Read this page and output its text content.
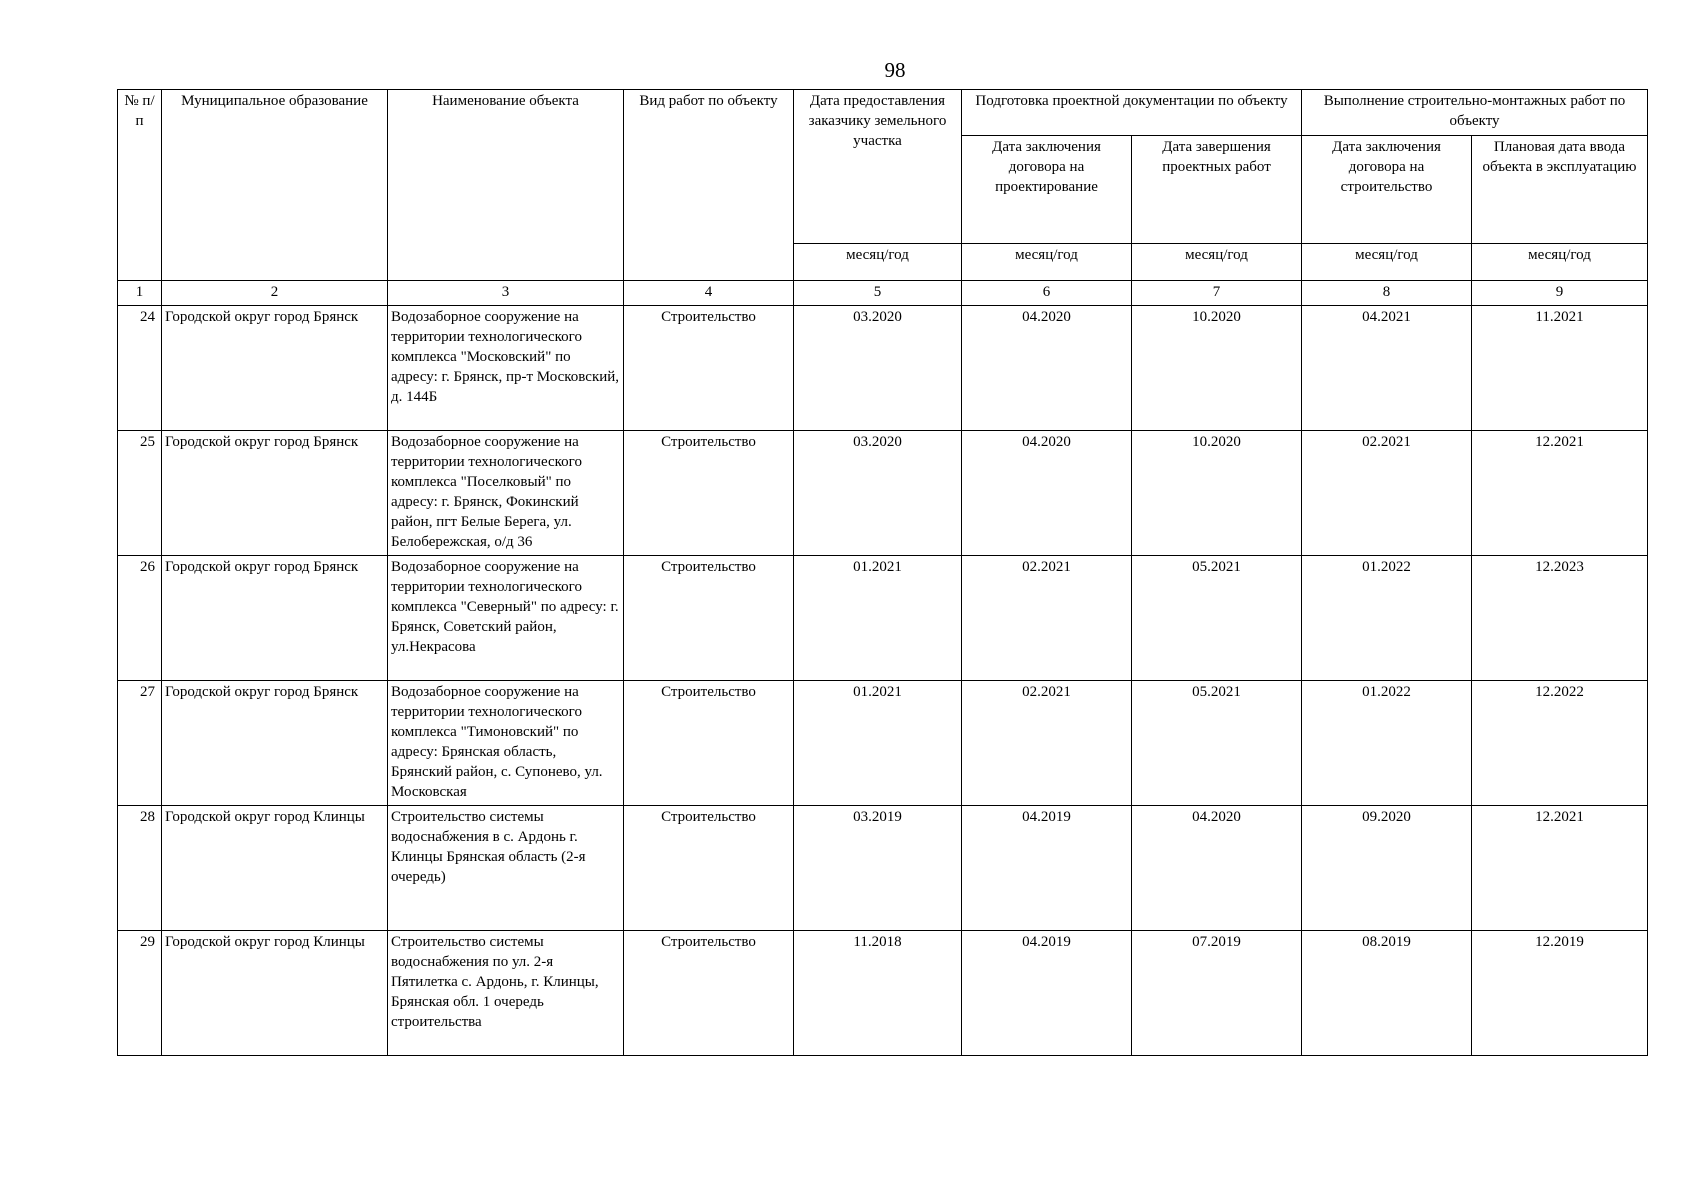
98
№ п/п	Муниципальное образование	Наименование объекта	Вид работ по объекту	Дата предоставления заказчику земельного участка	Подготовка проектной документации по объекту		Выполнение строительно-монтажных работ по объекту	
					Дата заключения договора на проектирование	Дата завершения проектных работ	Дата заключения договора на строительство	Плановая дата ввода объекта в эксплуатацию
				месяц/год	месяц/год	месяц/год	месяц/год	месяц/год
1	2	3	4	5	6	7	8	9
24	Городской округ город Брянск	Водозаборное сооружение на территории технологического комплекса "Московский" по адресу: г. Брянск, пр-т Московский, д. 144Б	Строительство	03.2020	04.2020	10.2020	04.2021	11.2021
25	Городской округ город Брянск	Водозаборное сооружение на территории технологического комплекса "Поселковый" по адресу: г. Брянск, Фокинский район, пгт Белые Берега, ул. Белобережская, о/д 36	Строительство	03.2020	04.2020	10.2020	02.2021	12.2021
26	Городской округ город Брянск	Водозаборное сооружение на территории технологического комплекса "Северный" по адресу: г. Брянск, Советский район, ул.Некрасова	Строительство	01.2021	02.2021	05.2021	01.2022	12.2023
27	Городской округ город Брянск	Водозаборное сооружение на территории технологического комплекса "Тимоновский" по адресу: Брянская область, Брянский район, с. Супонево, ул. Московская	Строительство	01.2021	02.2021	05.2021	01.2022	12.2022
28	Городской округ город Клинцы	Строительство системы водоснабжения в с. Ардонь г. Клинцы Брянская область (2-я очередь)	Строительство	03.2019	04.2019	04.2020	09.2020	12.2021
29	Городской округ город Клинцы	Строительство системы водоснабжения по ул. 2-я Пятилетка с. Ардонь, г. Клинцы, Брянская обл. 1 очередь строительства	Строительство	11.2018	04.2019	07.2019	08.2019	12.2019
